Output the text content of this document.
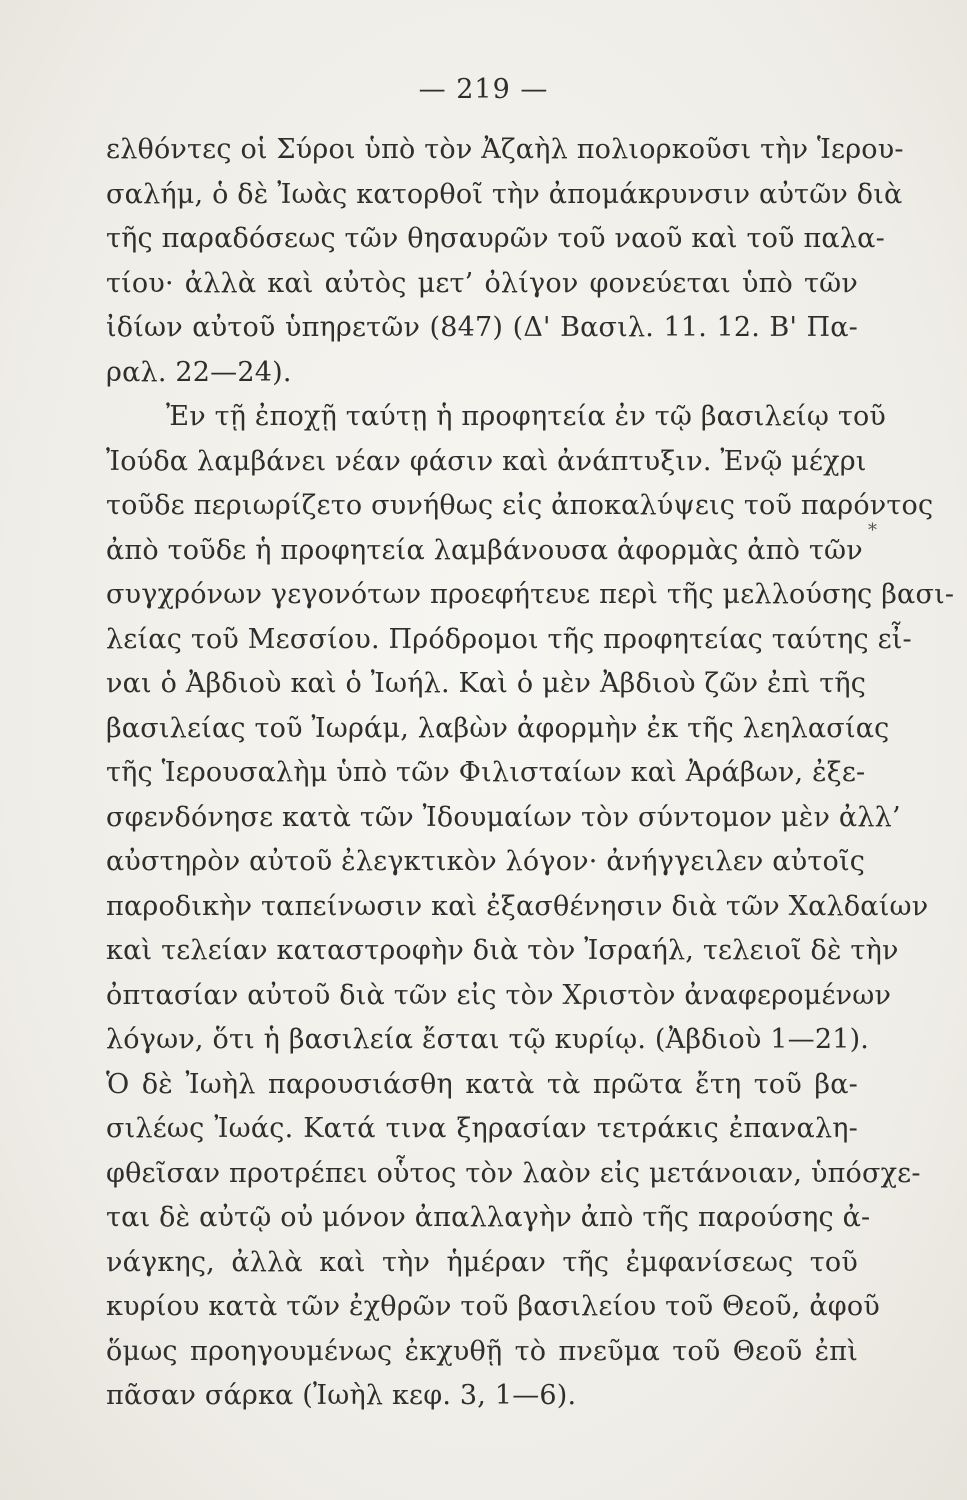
— 219 —
ελθόντες οἱ Σύροι ὑπὸ τὸν Ἀζαὴλ πολιορκοῦσι τὴν Ἱερου-
σαλήμ, ὁ δὲ Ἰωὰς κατορθοῖ τὴν ἀπομάκρυνσιν αὐτῶν διὰ
τῆς παραδόσεως τῶν θησαυρῶν τοῦ ναοῦ καὶ τοῦ παλα-
τίου· ἀλλὰ καὶ αὐτὸς μετ’ ὀλίγον φονεύεται ὑπὸ τῶν
ἰδίων αὐτοῦ ὑπηρετῶν (847) (Δ' Βασιλ. 11. 12. Β' Πα-
ραλ. 22—24).
Ἐν τῇ ἐποχῇ ταύτῃ ἡ προφητεία ἐν τῷ βασιλείῳ τοῦ
Ἰούδα λαμβάνει νέαν φάσιν καὶ ἀνάπτυξιν. Ἐνῷ μέχρι
τοῦδε περιωρίζετο συνήθως εἰς ἀποκαλύψεις τοῦ παρόντος
ἀπὸ τοῦδε ἡ προφητεία λαμβάνουσα ἀφορμὰς ἀπὸ τῶν
συγχρόνων γεγονότων προεφήτευε περὶ τῆς μελλούσης βασι-
λείας τοῦ Μεσσίου. Πρόδρομοι τῆς προφητείας ταύτης εἶ-
ναι ὁ Ἀβδιοὺ καὶ ὁ Ἰωήλ. Καὶ ὁ μὲν Ἀβδιοὺ ζῶν ἐπὶ τῆς
βασιλείας τοῦ Ἰωράμ, λαβὼν ἀφορμὴν ἐκ τῆς λεηλασίας
τῆς Ἱερουσαλὴμ ὑπὸ τῶν Φιλισταίων καὶ Ἀράβων, ἐξε-
σφενδόνησε κατὰ τῶν Ἰδουμαίων τὸν σύντομον μὲν ἀλλ’
αὐστηρὸν αὐτοῦ ἐλεγκτικὸν λόγον· ἀνήγγειλεν αὐτοῖς
παροδικὴν ταπείνωσιν καὶ ἐξασθένησιν διὰ τῶν Χαλδαίων
καὶ τελείαν καταστροφὴν διὰ τὸν Ἰσραήλ, τελειοῖ δὲ τὴν
ὀπτασίαν αὐτοῦ διὰ τῶν εἰς τὸν Χριστὸν ἀναφερομένων
λόγων, ὅτι ἡ βασιλεία ἔσται τῷ κυρίῳ. (Ἀβδιοὺ 1—21).
Ὁ δὲ Ἰωὴλ παρουσιάσθη κατὰ τὰ πρῶτα ἔτη τοῦ βα-
σιλέως Ἰωάς. Κατά τινα ξηρασίαν τετράκις ἐπαναλη-
φθεῖσαν προτρέπει οὗτος τὸν λαὸν εἰς μετάνοιαν, ὑπόσχε-
ται δὲ αὐτῷ οὐ μόνον ἀπαλλαγὴν ἀπὸ τῆς παρούσης ἀ-
νάγκης, ἀλλὰ καὶ τὴν ἡμέραν τῆς ἐμφανίσεως τοῦ
κυρίου κατὰ τῶν ἐχθρῶν τοῦ βασιλείου τοῦ Θεοῦ, ἀφοῦ
ὅμως προηγουμένως ἐκχυθῇ τὸ πνεῦμα τοῦ Θεοῦ ἐπὶ
πᾶσαν σάρκα (Ἰωὴλ κεφ. 3, 1—6).
*
